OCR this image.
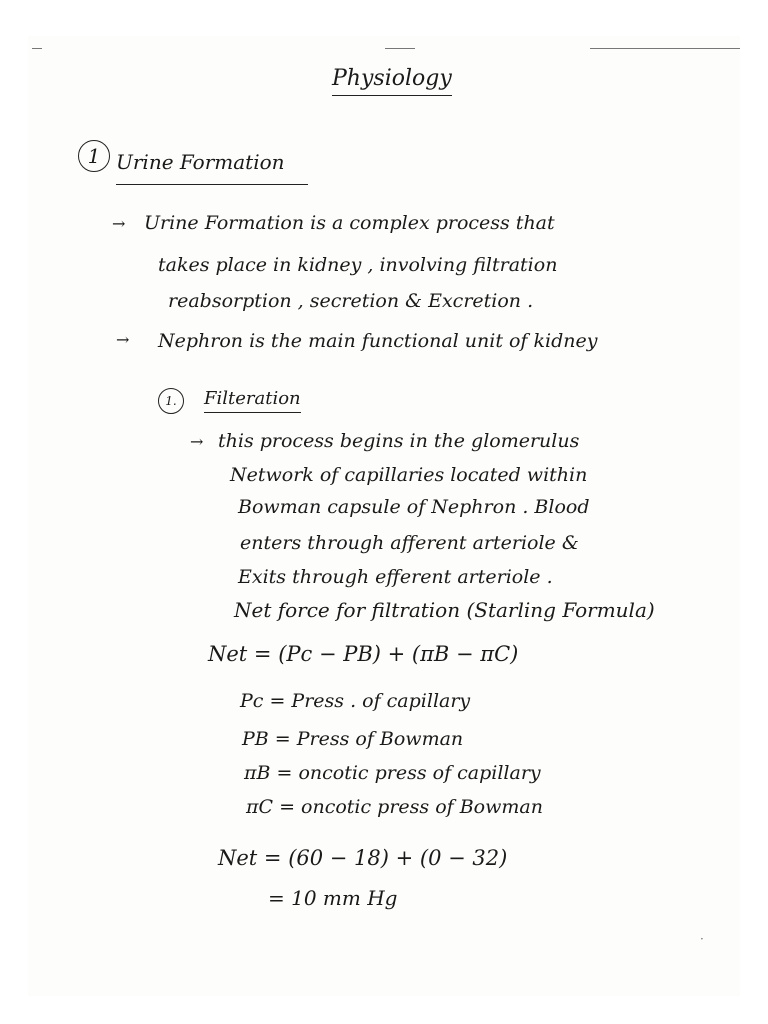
Physiology
1 Urine Formation
→ Urine Formation is a complex process that
takes place in kidney , involving filtration
reabsorption , secretion & Excretion .
→ Nephron is the main functional unit of kidney
1.	Filteration
→ this process begins in the glomerulus
Network of capillaries located within
Bowman capsule of Nephron . Blood
enters through afferent arteriole &
Exits through efferent arteriole .
Net force for filtration (Starling Formula)
Net = (Pc − PB) + (πB − πC)
Pc = Press . of capillary
PB = Press of Bowman
πB = oncotic press of capillary
πC = oncotic press of Bowman
Net = (60 − 18) + (0 − 32)
= 10 mm Hg
·
